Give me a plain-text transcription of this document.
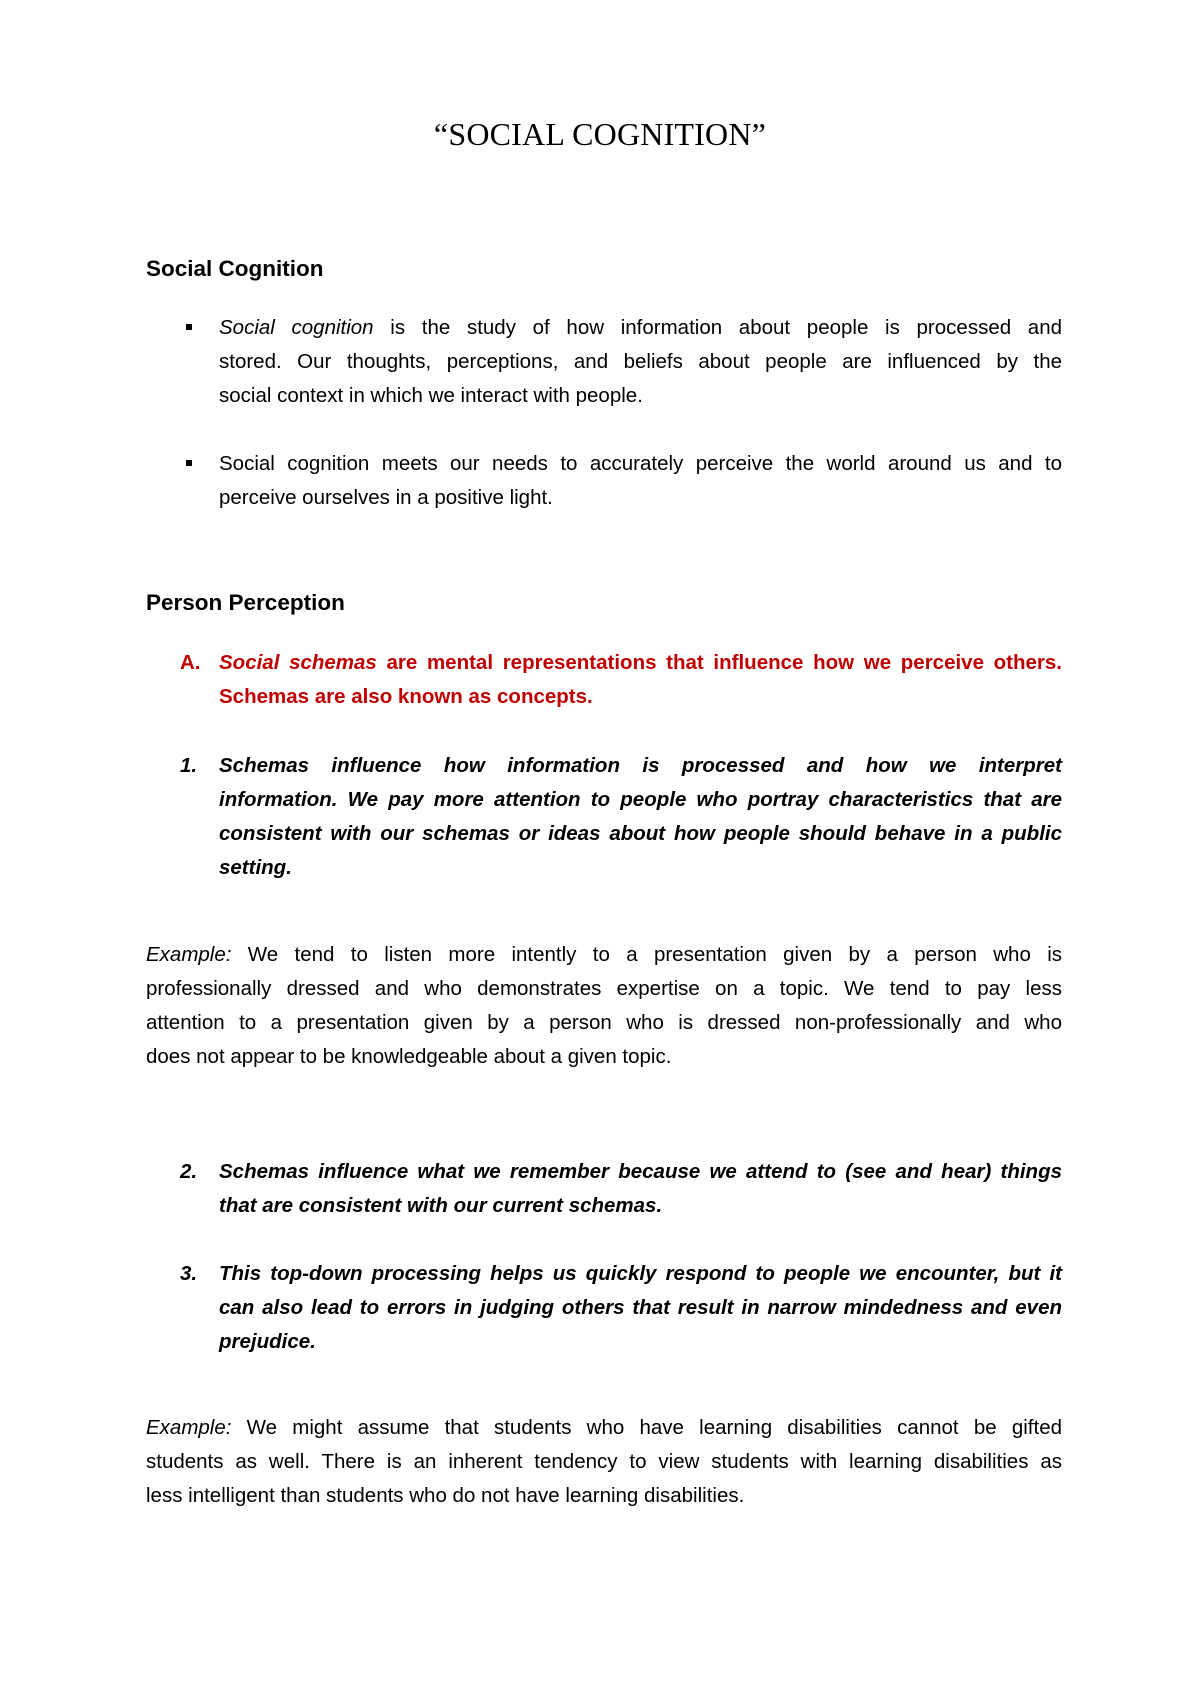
“SOCIAL COGNITION”
Social Cognition
Social cognition is the study of how information about people is processed and
stored. Our thoughts, perceptions, and beliefs about people are influenced by the
social context in which we interact with people.
Social cognition meets our needs to accurately perceive the world around us and to
perceive ourselves in a positive light.
Person Perception
A. Social schemas are mental representations that influence how we perceive others.
Schemas are also known as concepts.
1. Schemas influence how information is processed and how we interpret
information. We pay more attention to people who portray characteristics that are
consistent with our schemas or ideas about how people should behave in a public
setting.
Example: We tend to listen more intently to a presentation given by a person who is
professionally dressed and who demonstrates expertise on a topic. We tend to pay less
attention to a presentation given by a person who is dressed non-professionally and who
does not appear to be knowledgeable about a given topic.
2. Schemas influence what we remember because we attend to (see and hear) things
that are consistent with our current schemas.
3. This top-down processing helps us quickly respond to people we encounter, but it
can also lead to errors in judging others that result in narrow mindedness and even
prejudice.
Example: We might assume that students who have learning disabilities cannot be gifted
students as well. There is an inherent tendency to view students with learning disabilities as
less intelligent than students who do not have learning disabilities.
